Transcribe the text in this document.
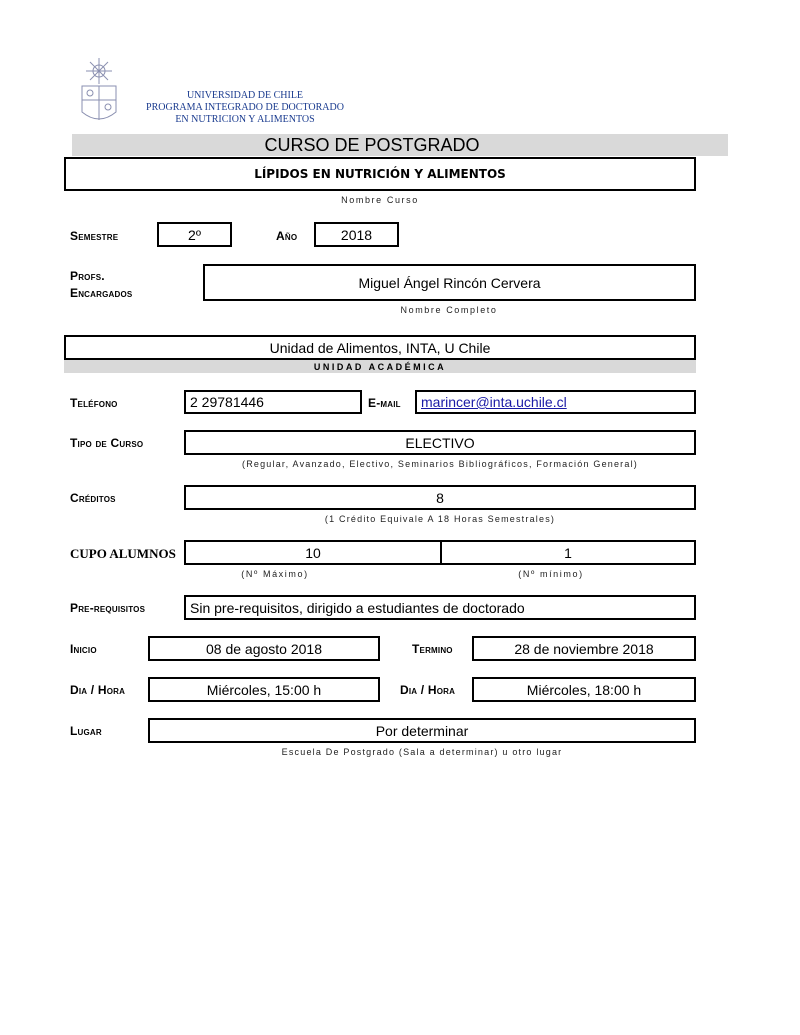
UNIVERSIDAD DE CHILE
PROGRAMA INTEGRADO DE DOCTORADO
EN NUTRICION Y ALIMENTOS
CURSO DE POSTGRADO
LÍPIDOS EN NUTRICIÓN Y ALIMENTOS
Nombre Curso
Semestre	2º	Año	2018
Profs.
Encargados
Miguel Ángel Rincón Cervera
Nombre Completo
Unidad de Alimentos, INTA, U Chile
UNIDAD ACADÉMICA
Teléfono	2 29781446	E-mail marincer@inta.uchile.cl
Tipo de Curso	ELECTIVO
(Regular, Avanzado, Electivo, Seminarios Bibliográficos, Formación General)
Créditos	8
(1 Crédito Equivale A 18 Horas Semestrales)
CUPO ALUMNOS	10	1
(Nº Máximo)	(Nº mínimo)
Pre-requisitos	Sin pre-requisitos, dirigido a estudiantes de doctorado
Inicio	08 de agosto 2018	Termino	28 de noviembre 2018
Dia / Hora	Miércoles, 15:00 h	Dia / Hora	Miércoles, 18:00 h
Lugar	Por determinar
Escuela De Postgrado (Sala a determinar) u otro lugar
